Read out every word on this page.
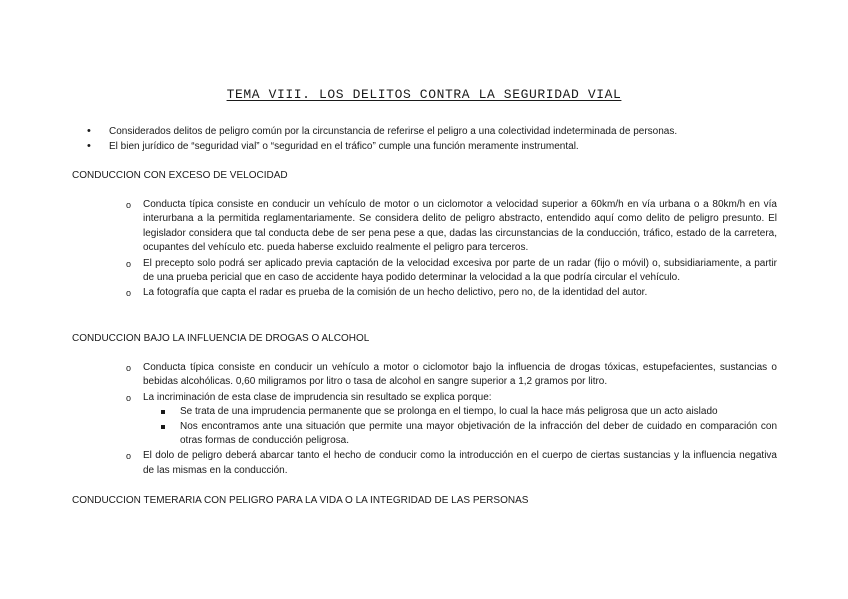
TEMA VIII. LOS DELITOS CONTRA LA SEGURIDAD VIAL
• Considerados delitos de peligro común por la circunstancia de referirse el peligro a una colectividad indeterminada de personas.
• El bien jurídico de “seguridad vial” o “seguridad en el tráfico” cumple una función meramente instrumental.
CONDUCCION CON EXCESO DE VELOCIDAD
o Conducta típica consiste en conducir un vehículo de motor o un ciclomotor a velocidad superior a 60km/h en vía urbana o a 80km/h en vía interurbana a la permitida reglamentariamente. Se considera delito de peligro abstracto, entendido aquí como delito de peligro presunto. El legislador considera que tal conducta debe de ser pena pese a que, dadas las circunstancias de la conducción, tráfico, estado de la carretera, ocupantes del vehículo etc. pueda haberse excluido realmente el peligro para terceros.
o El precepto solo podrá ser aplicado previa captación de la velocidad excesiva por parte de un radar (fijo o móvil) o, subsidiariamente, a partir de una prueba pericial que en caso de accidente haya podido determinar la velocidad a la que podría circular el vehículo.
o La fotografía que capta el radar es prueba de la comisión de un hecho delictivo, pero no, de la identidad del autor.
CONDUCCION BAJO LA INFLUENCIA DE DROGAS O ALCOHOL
o Conducta típica consiste en conducir un vehículo a motor o ciclomotor bajo la influencia de drogas tóxicas, estupefacientes, sustancias o bebidas alcohólicas. 0,60 miligramos por litro o tasa de alcohol en sangre superior a 1,2 gramos por litro.
o La incriminación de esta clase de imprudencia sin resultado se explica porque:
Se trata de una imprudencia permanente que se prolonga en el tiempo, lo cual la hace más peligrosa que un acto aislado
Nos encontramos ante una situación que permite una mayor objetivación de la infracción del deber de cuidado en comparación con otras formas de conducción peligrosa.
o El dolo de peligro deberá abarcar tanto el hecho de conducir como la introducción en el cuerpo de ciertas sustancias y la influencia negativa de las mismas en la conducción.
CONDUCCION TEMERARIA CON PELIGRO PARA LA VIDA O LA INTEGRIDAD DE LAS PERSONAS
